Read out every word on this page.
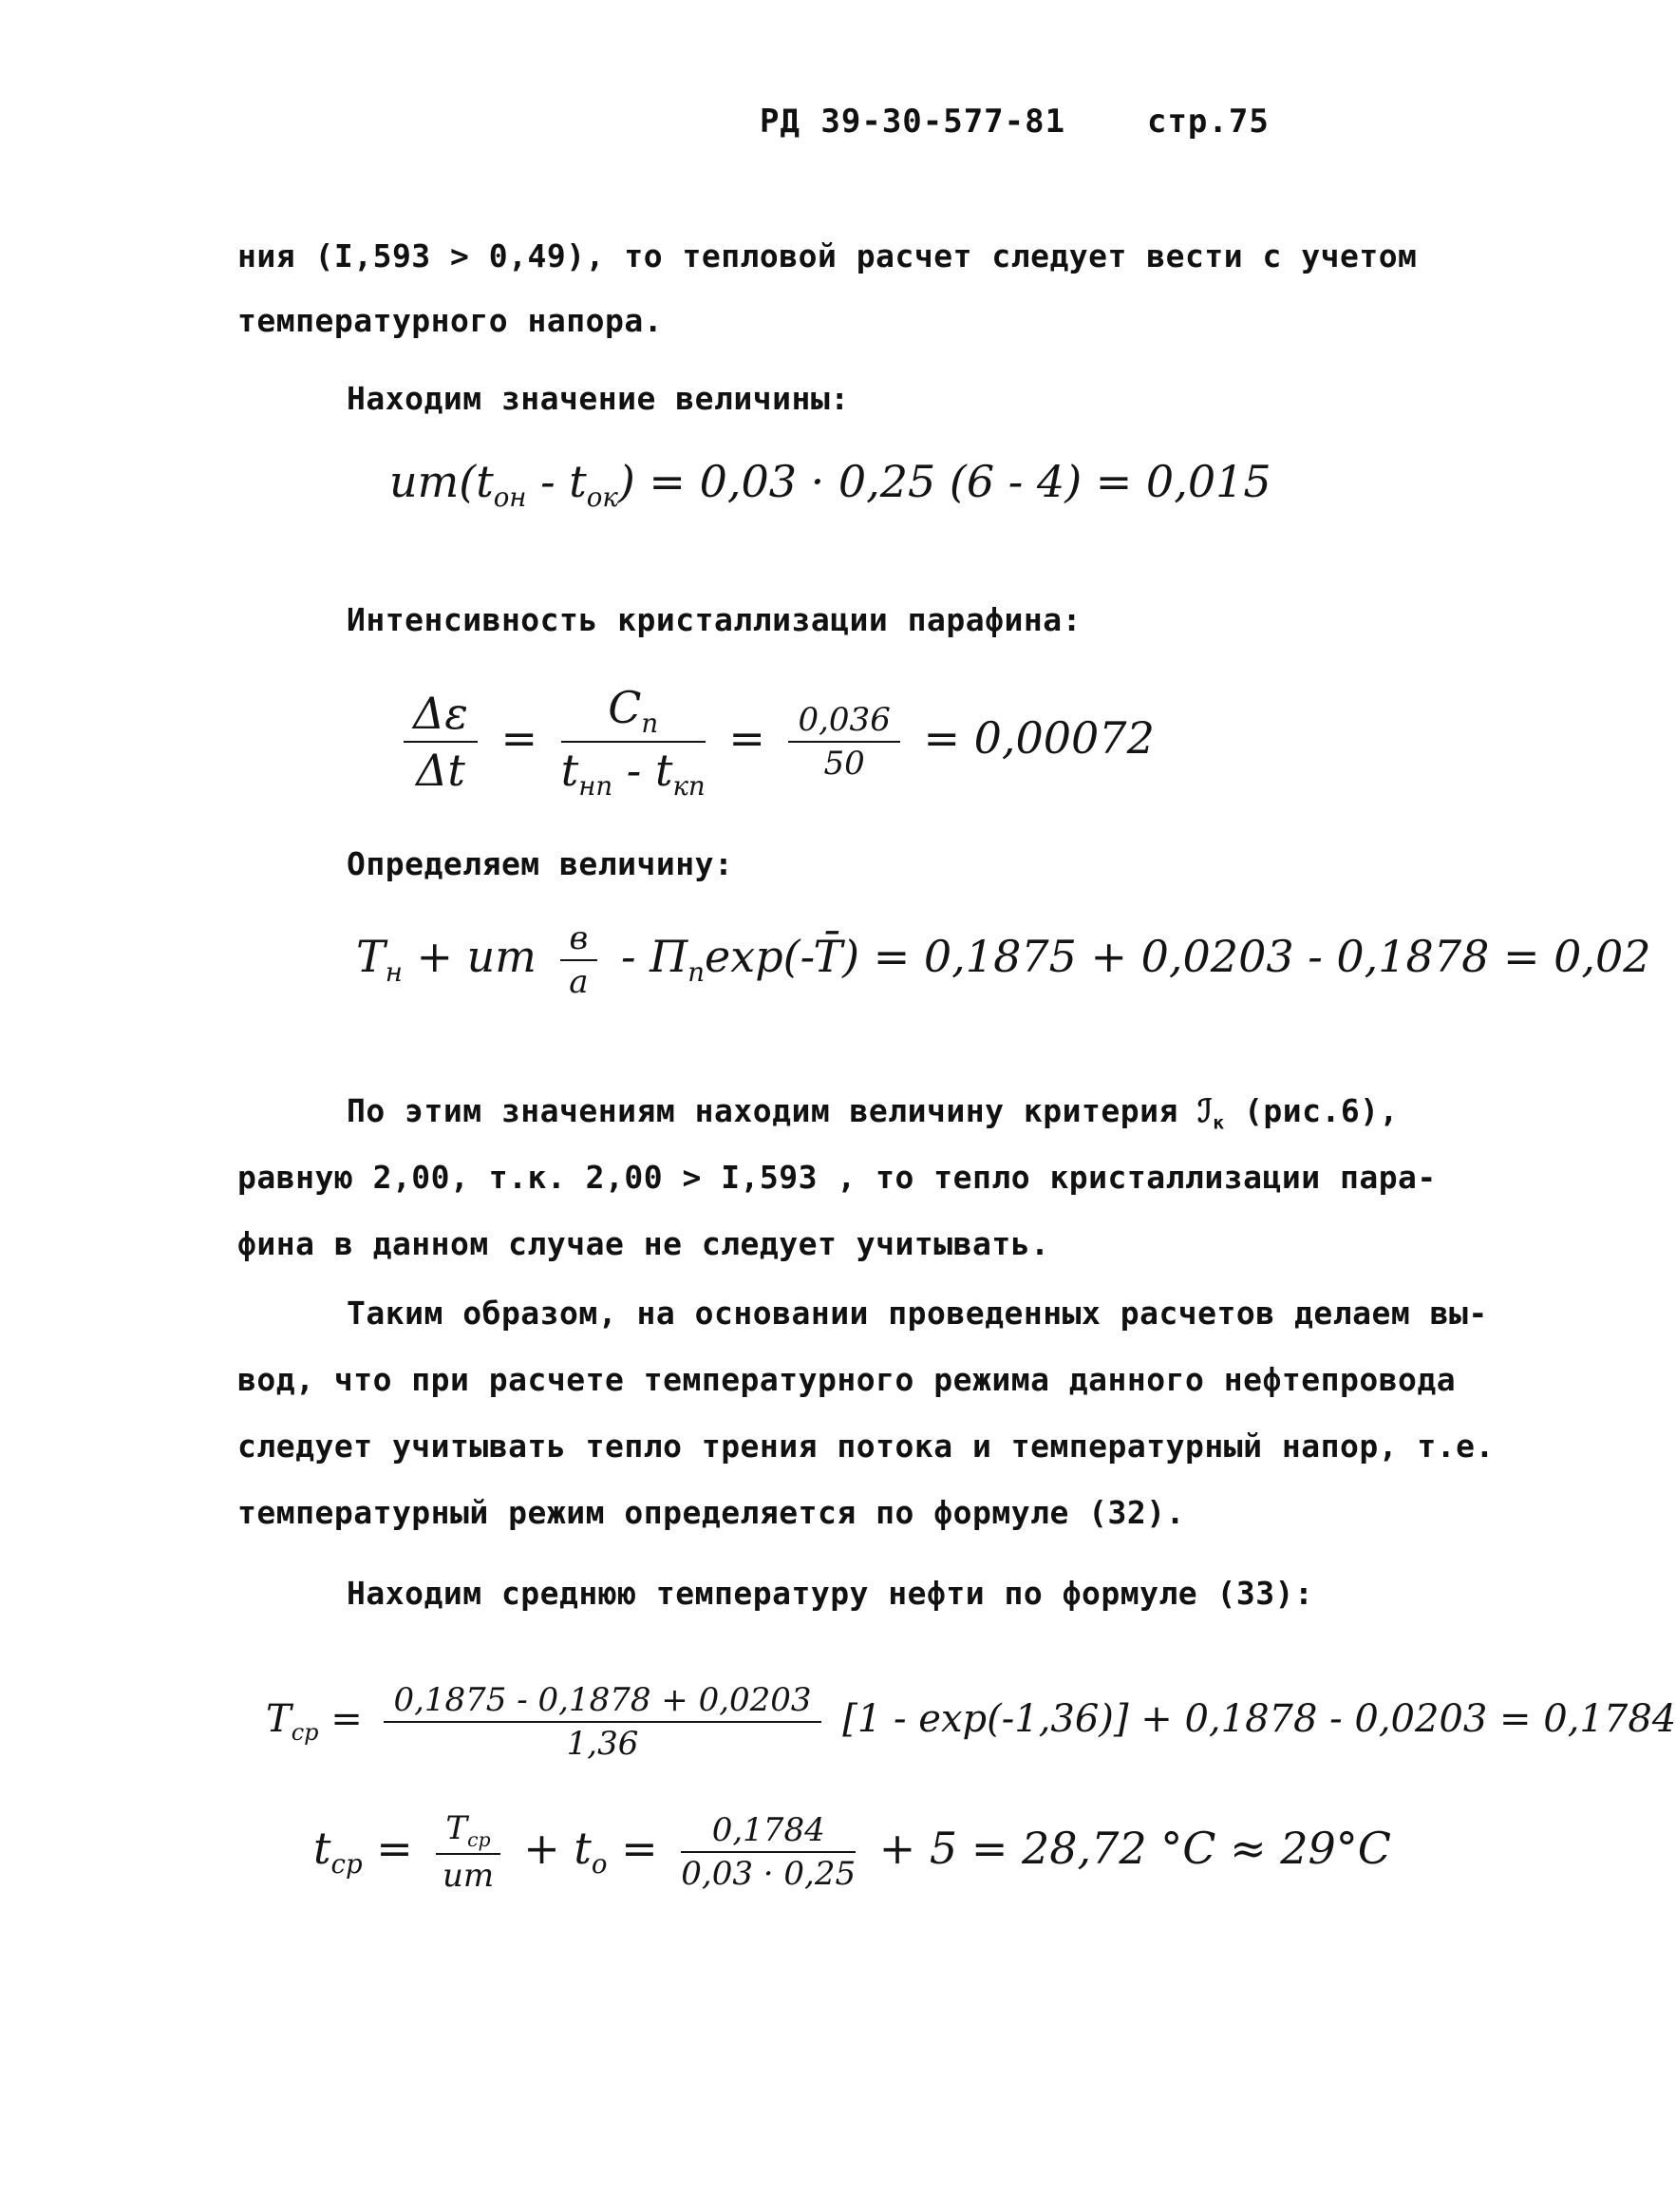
РД 39-30-577-81	стр.75
ния (I,593 > 0,49), то тепловой расчет следует вести с учетом
температурного напора.
Находим значение величины:
$um(t_{он} - t_{ок}) = 0,03 \cdot 0,25$ (6 - 4) = 0,015
Интенсивность кристаллизации парафина:
$\frac{\Delta\varepsilon}{\Delta t} = \frac{C_п}{t_{нп} - t_{кп}} = \frac{0,036}{50} = 0,00072$
Определяем величину:
$T_н$ + um $\frac{в}{a}$ - $П_п\exp(-T̄) = 0,1875 + 0,0203 - 0,1878 = 0,02$
По этим значениям находим величину критерия ℐ$_к$ (рис.6),
равную 2,00, т.к. 2,00 > I,593 , то тепло кристаллизации пара-
фина в данном случае не следует учитывать.
Таким образом, на основании проведенных расчетов делаем вы-
вод, что при расчете температурного режима данного нефтепровода
следует учитывать тепло трения потока и температурный напор, т.е.
температурный режим определяется по формуле (32).
Находим среднюю температуру нефти по формуле (33):
$T_{ср} = \frac{0,1875 - 0,1878 + 0,0203}{1,36} [1 - \exp(-1,36)] + 0,1878 - 0,0203 = 0,1784$
$t_{ср} = \frac{T_{ср}}{um} + t_о = \frac{0,1784}{0,03 \cdot 0,25} + 5 = 28,72$ °C ≈ 29°C
